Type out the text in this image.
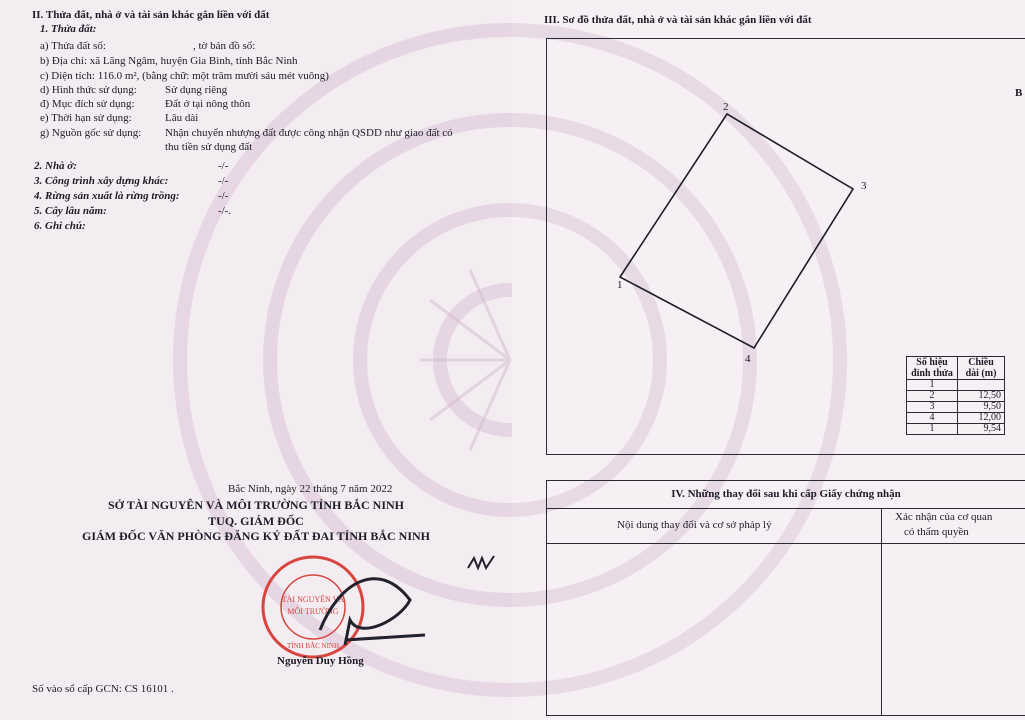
II. Thửa đất, nhà ở và tài sản khác gắn liền với đất
1. Thửa đất:
a) Thửa đất số:	, tờ bản đồ số:
b) Địa chỉ: xã Lãng Ngâm, huyện Gia Bình, tỉnh Bắc Ninh
c) Diện tích: 116.0 m², (bằng chữ: một trăm mười sáu mét vuông)
d) Hình thức sử dụng:	Sử dụng riêng
đ) Mục đích sử dụng:	Đất ở tại nông thôn
e) Thời hạn sử dụng:	Lâu dài
g) Nguồn gốc sử dụng: Nhận chuyển nhượng đất được công nhận QSDD như giao đất có
thu tiền sử dụng đất
2. Nhà ở:	-/-
3. Công trình xây dựng khác:	-/-
4. Rừng sản xuất là rừng trồng:	-/-
5. Cây lâu năm:	-/-.
6. Ghi chú:
Bắc Ninh, ngày 22 tháng 7 năm 2022
SỞ TÀI NGUYÊN VÀ MÔI TRƯỜNG TỈNH BẮC NINH
TUQ. GIÁM ĐỐC
GIÁM ĐỐC VĂN PHÒNG ĐĂNG KÝ ĐẤT ĐAI TỈNH BẮC NINH
TÀI NGUYÊN VÀ
MÔI TRƯỜNG
TỈNH BẮC NINH
Nguyễn Duy Hồng
Số vào sổ cấp GCN: CS 16101 .
III. Sơ đồ thửa đất, nhà ở và tài sản khác gắn liền với đất
1
2
3
4
B
Số hiệu đỉnh thửa	Chiều dài (m)
1	
2	12,50
3	9,50
4	12,00
1	9,54
IV. Những thay đổi sau khi cấp Giấy chứng nhận
Nội dung thay đổi và cơ sở pháp lý
Xác nhận của cơ quan
có thẩm quyền
